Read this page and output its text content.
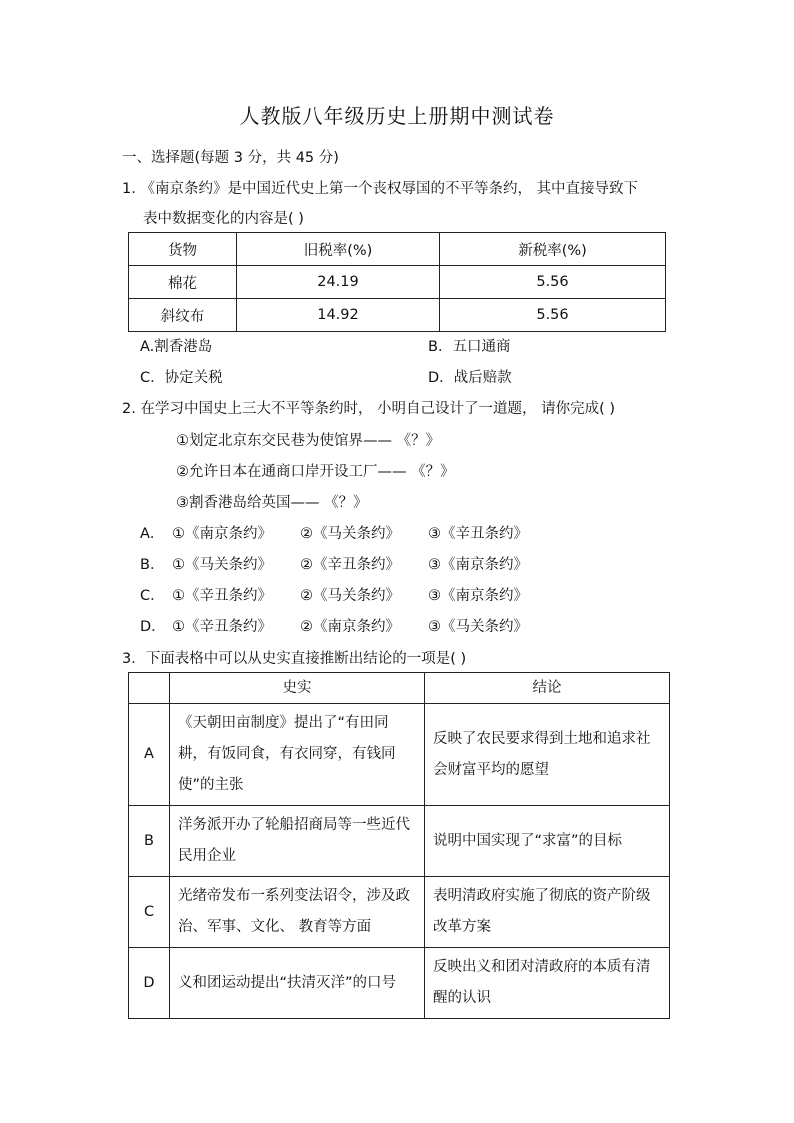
人教版八年级历史上册期中测试卷
一、选择题(每题 3 分，共 45 分)
1. 《南京条约》是中国近代史上第一个丧权辱国的不平等条约， 其中直接导致下
表中数据变化的内容是( )
货物	旧税率(%)	新税率(%)
棉花	24.19	5.56
斜纹布	14.92	5.56
A.割香港岛	B．五口通商
C．协定关税	D．战后赔款
2. 在学习中国史上三大不平等条约时， 小明自己设计了一道题， 请你完成( )
①划定北京东交民巷为使馆界—— 《？》
②允许日本在通商口岸开设工厂—— 《？》
③割香港岛给英国—— 《？》
A． ①《南京条约》 ②《马关条约》 ③《辛丑条约》
B． ①《马关条约》 ②《辛丑条约》 ③《南京条约》
C． ①《辛丑条约》 ②《马关条约》 ③《南京条约》
D． ①《辛丑条约》 ②《南京条约》 ③《马关条约》
3．下面表格中可以从史实直接推断出结论的一项是( )
	史实	结论
A	《天朝田亩制度》提出了“有田同耕，有饭同食，有衣同穿，有钱同使”的主张	反映了农民要求得到土地和追求社会财富平均的愿望
B	洋务派开办了轮船招商局等一些近代民用企业	说明中国实现了“求富”的目标
C	光绪帝发布一系列变法诏令，涉及政治、军事、文化、 教育等方面	表明清政府实施了彻底的资产阶级改革方案
D	义和团运动提出“扶清灭洋”的口号	反映出义和团对清政府的本质有清醒的认识
